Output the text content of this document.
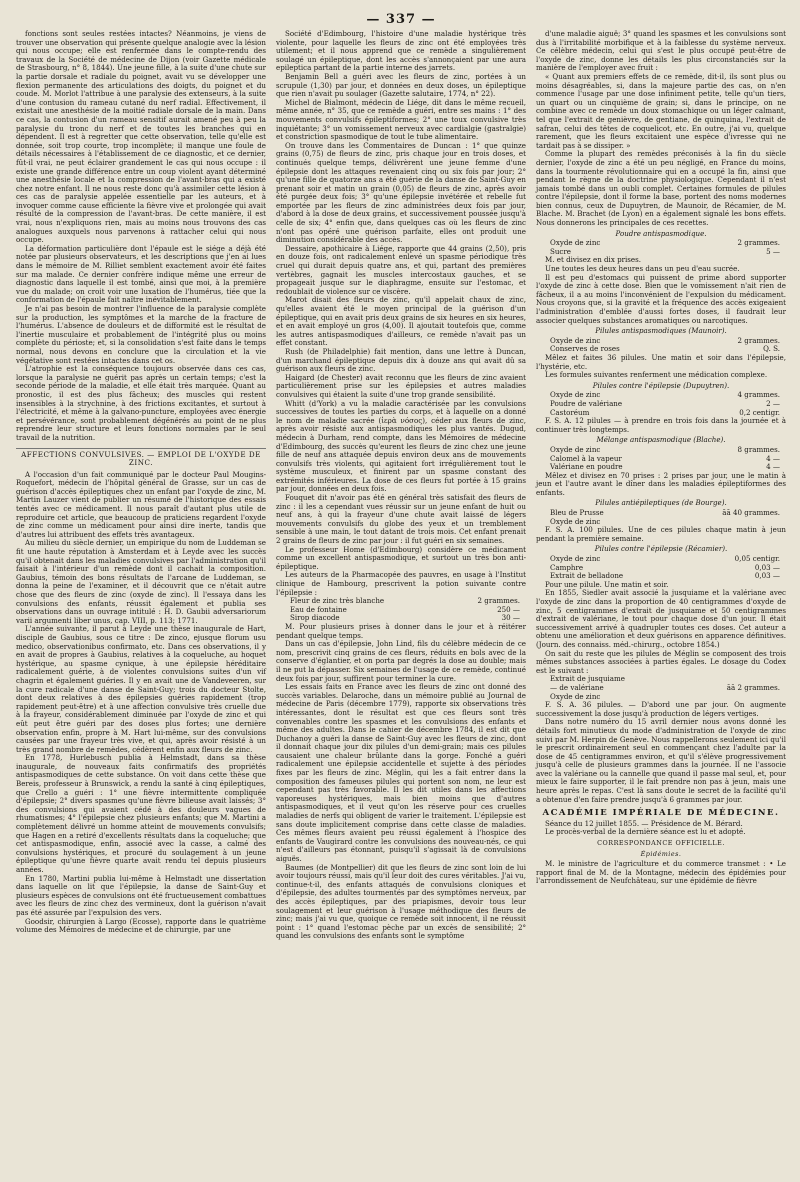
— 337 —

fonctions sont seules restées intactes? Néanmoins, je viens de trouver une observation qui présente quelque analogie avec la lésion qui nous occupe; elle est renfermée dans le compte-rendu des travaux de la Société de médecine de Dijon (voir Gazette médicale de Strasbourg, n° 8, 1844). Une jeune fille, à la suite d'une chute sur la partie dorsale et radiale du poignet, avait vu se développer une flexion permanente des articulations des doigts, du poignet et du coude. M. Morlot l'attribue à une paralysie des extenseurs, à la suite d'une contusion du rameau cutané du nerf radial. Effectivement, il existait une anesthésie de la moitié radiale dorsale de la main. Dans ce cas, la contusion d'un rameau sensitif aurait amené peu à peu la paralysie du tronc du nerf et de toutes les branches qui en dépendent. Il est à regretter que cette observation, telle qu'elle est donnée, soit trop courte, trop incomplète; il manque une foule de détails nécessaires à l'établissement de ce diagnostic, et ce dernier, fût-il vrai, ne peut éclairer grandement le cas qui nous occupe : il existe une grande différence entre un coup violent ayant déterminé une anesthésie locale et la compression de l'avant-bras qui a existé chez notre enfant. Il ne nous reste donc qu'à assimiler cette lésion à ces cas de paralysie appelée essentielle par les auteurs, et à invoquer comme cause efficiente la fièvre vive et prolongée qui avait résulté de la compression de l'avant-bras. De cette manière, il est vrai, nous n'expliquons rien, mais au moins nous trouvons des cas analogues auxquels nous parvenons à rattacher celui qui nous occupe.

La déformation particulière dont l'épaule est le siége a déjà été notée par plusieurs observateurs, et les descriptions que j'en ai lues dans le mémoire de M. Rilliet semblent exactement avoir été faites sur ma malade. Ce dernier confrère indique même une erreur de diagnostic dans laquelle il est tombé, ainsi que moi, à la première vue du malade; on croit voir une luxation de l'humérus, tiée que la conformation de l'épaule fait naître inévitablement.

Je n'ai pas besoin de montrer l'influence de la paralysie complète sur la production, les symptômes et la marche de la fracture de l'humérus. L'absence de douleurs et de difformité est le résultat de l'inertie musculaire et probablement de l'intégrité plus ou moins complète du périoste; et, si la consolidation s'est faite dans le temps normal, nous devons en conclure que la circulation et la vie végétative sont restées intactes dans cet os.

L'atrophie est la conséquence toujours observée dans ces cas, lorsque la paralysie ne guérit pas après un certain temps; c'est la seconde période de la maladie, et elle était très marquée. Quant au pronostic, il est des plus fâcheux; des muscles qui restent insensibles à la strychnine, à des frictions excitantes, et surtout à l'électricité, et même à la galvano-puncture, employées avec énergie et persévérance, sont probablement dégénérés au point de ne plus reprendre leur structure et leurs fonctions normales par le seul travail de la nutrition.

AFFECTIONS CONVULSIVES. — EMPLOI DE L'OXYDE DE ZINC.

A l'occasion d'un fait communiqué par le docteur Paul Mougins-Roquefort, médecin de l'hôpital général de Grasse, sur un cas de guérison d'accès épileptiques chez un enfant par l'oxyde de zinc, M. Martin Lauzer vient de publier un résumé de l'historique des essais tentés avec ce médicament. Il nous paraît d'autant plus utile de reproduire cet article, que beaucoup de praticiens regardent l'oxyde de zinc comme un médicament pour ainsi dire inerte, tandis que d'autres lui attribuent des effets très avantageux.

Au milieu du siècle dernier, un empirique du nom de Luddeman se fit une haute réputation à Amsterdam et à Leyde avec les succès qu'il obtenait dans les maladies convulsives par l'administration qu'il faisait à l'intérieur d'un remède dont il cachait la composition. Gaubius, témoin des bons résultats de l'arcane de Luddeman, se donna la peine de l'examiner, et il découvrit que ce n'était autre chose que des fleurs de zinc (oxyde de zinc). Il l'essaya dans les convulsions des enfants, réussit également et publia ses observations dans un ouvrage intitulé : H. D. Gaubii adversariorum varii argumenti liber unus, cap. VIII, p. 113; 1771.

L'année suivante, il parut à Leyde une thèse inaugurale de Hart, disciple de Gaubius, sous ce titre : De zinco, ejusque florum usu medico, observationibus confirmato, etc. Dans ces observations, il y en avait de propres à Gaubius, relatives à la coqueluche, au hoquet hystérique, au spasme cynique, à une épilepsie héréditaire radicalement guérie, à de violentes convulsions suites d'un vif chagrin et également guéries. Il y en avait une de Vandeveeren, sur la cure radicale d'une danse de Saint-Guy; trois du docteur Stolte, dont deux relatives à des épilepsies guéries rapidement (trop rapidement peut-être) et à une affection convulsive très cruelle due à la frayeur, considérablement diminuée par l'oxyde de zinc et qui eût peut être guéri par des doses plus fortes; une dernière observation enfin, propre à M. Hart lui-même, sur des convulsions causées par une frayeur très vive, et qui, après avoir résisté à un très grand nombre de remèdes, cédèrent enfin aux fleurs de zinc.

En 1778, Hurlebusch publia à Helmstadt, dans sa thèse inaugurale, de nouveaux faits confirmatifs des propriétés antispasmodiques de cette substance. On voit dans cette thèse que Bereis, professeur à Brunswick, a rendu la santé à cinq épileptiques, que Crello a guéri : 1° une fièvre intermittente compliquée d'épilepsie; 2° divers spasmes qu'une fièvre bilieuse avait laissés; 3° des convulsions qui avaient cédé à des douleurs vagues de rhumatismes; 4° l'épilepsie chez plusieurs enfants; que M. Martini a complètement délivré un homme atteint de mouvements convulsifs; que Hagen en a retiré d'excellents résultats dans la coqueluche; que cet antispasmodique, enfin, associé avec la casse, a calmé des convulsions hystériques, et procuré du soulagement à un jeune épileptique qu'une fièvre quarte avait rendu tel depuis plusieurs années.

En 1780, Martini publia lui-même à Helmstadt une dissertation dans laquelle on lit que l'épilepsie, la danse de Saint-Guy et plusieurs espèces de convulsions ont été fructueusement combattues avec les fleurs de zinc chez des vermineux, dont la guérison n'avait pas été assurée par l'expulsion des vers.

Goodsir, chirurgien à Largo (Ecosse), rapporte dans le quatrième volume des Mémoires de médecine et de chirurgie, par une

Société d'Edimbourg, l'histoire d'une maladie hystérique très violente, pour laquelle les fleurs de zinc ont été employées très utilement; et il nous apprend que ce remède a singulièrement soulagé un épileptique, dont les accès s'annonçaient par une aura epileptica partant de la partie interne des jarrets.

Benjamin Bell a guéri avec les fleurs de zinc, portées à un scrupule (1,30) par jour, et données en deux doses, un épileptique que rien n'avait pu soulager (Gazette salutaire, 1774, n° 22).

Michel de Bialmont, médecin de Liége, dit dans le même recueil, même année, n° 35, que ce remède a guéri, entre ses mains : 1° des mouvements convulsifs épileptiformes; 2° une toux convulsive très inquiétante; 3° un vomissement nerveux avec cardialgie (gastralgie) et constriction spasmodique de tout le tube alimentaire.

On trouve dans les Commentaires de Duncan : 1° que quinze grains (0,75) de fleurs de zinc, pris chaque jour en trois doses, et continués quelque temps, délivrèrent une jeune femme d'une épilepsie dont les attaques revenaient cinq ou six fois par jour; 2° qu'une fille de quatorze ans a été guérie de la danse de Saint-Guy en prenant soir et matin un grain (0,05) de fleurs de zinc, après avoir été purgée deux fois; 3° qu'une épilepsie invétérée et rebelle fut emportée par les fleurs de zinc administrées deux fois par jour, d'abord à la dose de deux grains, et successivement poussée jusqu'à celle de six; 4° enfin que, dans quelques cas où les fleurs de zinc n'ont pas opéré une guérison parfaite, elles ont produit une diminution considérable des accès.

Dessaire, apothicaire à Liége, rapporte que 44 grains (2,50), pris en douze fois, ont radicalement enlevé un spasme périodique très cruel qui durait depuis quatre ans, et qui, partant des premières vertèbres, gagnait les muscles intercostaux gauches, et se propageait jusque sur le diaphragme, ensuite sur l'estomac, et redoublait de violence sur ce viscère.

Marot disait des fleurs de zinc, qu'il appelait chaux de zinc, qu'elles avaient été le moyen principal de la guérison d'un épileptique, qui en avait pris deux grains de six heures en six heures, et en avait employé un gros (4,00). Il ajoutait toutefois que, comme les autres antispasmodiques d'ailleurs, ce remède n'avait pas un effet constant.

Rush (de Philadelphie) fait mention, dans une lettre à Duncan, d'un marchand épileptique depuis dix à douze ans qui avait dû sa guérison aux fleurs de zinc.

Haigard (de Chester) avait reconnu que les fleurs de zinc avaient particulièrement prise sur les épilepsies et autres maladies convulsives qui étaient la suite d'une trop grande sensibilité.

Whitt (d'York) a vu la maladie caractérisée par les convulsions successives de toutes les parties du corps, et à laquelle on a donné le nom de maladie sacrée (ἱερὰ νόσος), céder aux fleurs de zinc, après avoir résisté aux antispasmodiques les plus vantés. Dugud, médecin à Durham, rend compte, dans les Mémoires de médecine d'Edimbourg, des succès qu'eurent les fleurs de zinc chez une jeune fille de neuf ans attaquée depuis environ deux ans de mouvements convulsifs très violents, qui agitaient fort irrégulièrement tout le système musculeux, et finirent par un spasme constant des extrémités inférieures. La dose de ces fleurs fut portée à 15 grains par jour, données en deux fois.

Fouquet dit n'avoir pas été en général très satisfait des fleurs de zinc : il les a cependant vues réussir sur un jeune enfant de huit ou neuf ans, à qui la frayeur d'une chute avait laissé de légers mouvements convulsifs du globe des yeux et un tremblement sensible à une main, le tout datant de trois mois. Cet enfant prenait 2 grains de fleurs de zinc par jour : il fut guéri en six semaines.

Le professeur Home (d'Edimbourg) considère ce médicament comme un excellent antispasmodique, et surtout un très bon anti-épileptique.

Les auteurs de la Pharmacopée des pauvres, en usage à l'Institut clinique de Hambourg, prescrivent la potion suivante contre l'épilepsie :

Fleur de zinc très blanche	2 grammes.
Eau de fontaine	250 —
Sirop diacode	30 —

M. Pour plusieurs prises à donner dans le jour et à réitérer pendant quelque temps.

Dans un cas d'épilepsie, John Lind, fils du célèbre médecin de ce nom, prescrivit cinq grains de ces fleurs, réduits en bols avec de la conserve d'églantier, et on porta par degrés la dose au double; mais il ne put la dépasser. Six semaines de l'usage de ce remède, continué deux fois par jour, suffirent pour terminer la cure.

Les essais faits en France avec les fleurs de zinc ont donné des succès variables. Delaroche, dans un mémoire publié au Journal de médecine de Paris (décembre 1779), rapporte six observations très intéressantes, dont le résultat est que ces fleurs sont très convenables contre les spasmes et les convulsions des enfants et même des adultes. Dans le cahier de décembre 1784, il est dit que Duchanoy a guéri la danse de Saint-Guy avec les fleurs de zinc, dont il donnait chaque jour dix pilules d'un demi-grain; mais ces pilules causaient une chaleur brûlante dans la gorge. Fonché a guéri radicalement une épilepsie accidentelle et sujette à des périodes fixes par les fleurs de zinc. Méglin, qui les a fait entrer dans la composition des fameuses pilules qui portent son nom, ne leur est cependant pas très favorable. Il les dit utiles dans les affections vaporeuses hystériques, mais bien moins que d'autres antispasmodiques, et il veut qu'on les réserve pour ces cruelles maladies de nerfs qui obligent de varier le traitement. L'épilepsie est sans doute implicitement comprise dans cette classe de maladies. Ces mêmes fleurs avaient peu réussi également à l'hospice des enfants de Vaugirard contre les convulsions des nouveau-nés, ce qui n'est d'ailleurs pas étonnant, puisqu'il s'agissait là de convulsions aiguës.

Baumes (de Montpellier) dit que les fleurs de zinc sont loin de lui avoir toujours réussi, mais qu'il leur doit des cures véritables. J'ai vu, continue-t-il, des enfants attaqués de convulsions cloniques et d'épilepsie, des adultes tourmentés par des symptômes nerveux, par des accès épileptiques, par des priapismes, devoir tous leur soulagement et leur guérison à l'usage méthodique des fleurs de zinc; mais j'ai vu que, quoique ce remède soit innocent, il ne réussit point : 1° quand l'estomac pèche par un excès de sensibilité; 2° quand les convulsions des enfants sont le symptôme

d'une maladie aiguë; 3° quand les spasmes et les convulsions sont dus à l'irritabilité morbifique et à la faiblesse du système nerveux. Ce célèbre médecin, celui qui s'est le plus occupé peut-être de l'oxyde de zinc, donne les détails les plus circonstanciés sur la manière de l'employer avec fruit :

« Quant aux premiers effets de ce remède, dit-il, ils sont plus ou moins désagréables, si, dans la majeure partie des cas, on n'en commence l'usage par une dose infiniment petite, telle qu'un tiers, un quart ou un cinquième de grain; si, dans le principe, on ne combine avec ce remède un doux stomachique ou un léger calmant, tel que l'extrait de genièvre, de gentiane, de quinquina, l'extrait de safran, celui des têtes de coquelicot, etc. En outre, j'ai vu, quelque rarement, que les fleurs excitaient une espèce d'ivresse qui ne tardait pas à se dissiper. »

Comme la plupart des remèdes préconisés à la fin du siècle dernier, l'oxyde de zinc a été un peu négligé, en France du moins, dans la tourmente révolutionnaire qui en a occupé la fin, ainsi que pendant le règne de la doctrine physiologique. Cependant il n'est jamais tombé dans un oubli complet. Certaines formules de pilules contre l'épilepsie, dont il forme la base, portent des noms modernes bien connus, ceux de Dupuytren, de Maunoir, de Récamier, de M. Blache. M. Brachet (de Lyon) en a également signalé les bons effets. Nous donnerons les principales de ces recettes.

Poudre antispasmodique.
Oxyde de zinc	2 grammes.
Sucre	5 —

M. et divisez en dix prises.

Une toutes les deux heures dans un peu d'eau sucrée.

Il est peu d'estomacs qui puissent de prime abord supporter l'oxyde de zinc à cette dose. Bien que le vomissement n'ait rien de fâcheux, il a au moins l'inconvénient de l'expulsion du médicament. Nous croyons que, si la gravité et la fréquence des accès exigeaient l'administration d'emblée d'aussi fortes doses, il faudrait leur associer quelques substances aromatiques ou narcotiques.

Pilules antispasmodiques (Maunoir).
Oxyde de zinc	2 grammes.
Conserves de roses	Q. S.

Mêlez et faites 36 pilules. Une matin et soir dans l'épilepsie, l'hystérie, etc.

Les formules suivantes renferment une médication complexe.

Pilules contre l'épilepsie (Dupuytren).
Oxyde de zinc	4 grammes.
Poudre de valériane	2 —
Castoréum	0,2 centigr.

F. S. A. 12 pilules — à prendre en trois fois dans la journée et à continuer très longtemps.

Mélange antispasmodique (Blache).
Oxyde de zinc	8 grammes.
Calomel à la vapeur	4 —
Valériane en poudre	4 —

Mêlez et divisez en 70 prises : 2 prises par jour, une le matin à jeun et l'autre avant le dîner dans les maladies épileptiformes des enfants.

Pilules antiépileptiques (de Bourge).
Bleu de Prusse	āā 40 grammes.
Oxyde de zinc	

F. S. A. 100 pilules. Une de ces pilules chaque matin à jeun pendant la première semaine.

Pilules contre l'épilepsie (Récamier).
Oxyde de zinc	0,05 centigr.
Camphre	0,03 —
Extrait de belladone	0,03 —

Pour une pilule. Une matin et soir.

En 1855, Siedler avait associé la jusquiame et la valériane avec l'oxyde de zinc dans la proportion de 40 centigrammes d'oxyde de zinc, 5 centigrammes d'extrait de jusquiame et 50 centigrammes d'extrait de valériane, le tout pour chaque dose d'un jour. Il était successivement arrivé à quadrupler toutes ces doses. Cet auteur a obtenu une amélioration et deux guérisons en apparence définitives. (Journ. des connaiss. méd.-chirurg., octobre 1854.)

On sait du reste que les pilules de Méglin se composent des trois mêmes substances associées à parties égales. Le dosage du Codex est le suivant :

Extrait de jusquiame	
— de valériane	āā 2 grammes.
Oxyde de zinc	

F. S. A. 36 pilules. — D'abord une par jour. On augmente successivement la dose jusqu'à production de légers vertiges.

Dans notre numéro du 15 avril dernier nous avons donné les détails fort minutieux du mode d'administration de l'oxyde de zinc suivi par M. Herpin de Genève. Nous rappellerons seulement ici qu'il le prescrit ordinairement seul en commençant chez l'adulte par la dose de 45 centigrammes environ, et qu'il s'élève progressivement jusqu'à celle de plusieurs grammes dans la journée. Il ne l'associe avec la valériane ou la cannelle que quand il passe mal seul, et, pour mieux le faire supporter, il le fait prendre non pas à jeun, mais une heure après le repas. C'est là sans doute le secret de la facilité qu'il a obtenue d'en faire prendre jusqu'à 6 grammes par jour.

ACADÉMIE IMPÉRIALE DE MÉDECINE.

Séance du 12 juillet 1855. — Présidence de M. Bérard.

Le procès-verbal de la dernière séance est lu et adopté.

CORRESPONDANCE OFFICIELLE.
Épidémies.

M. le ministre de l'agriculture et du commerce transmet : • Le rapport final de M. de la Montagne, médecin des épidémies pour l'arrondissement de Neufchâteau, sur une épidémie de fièvre
